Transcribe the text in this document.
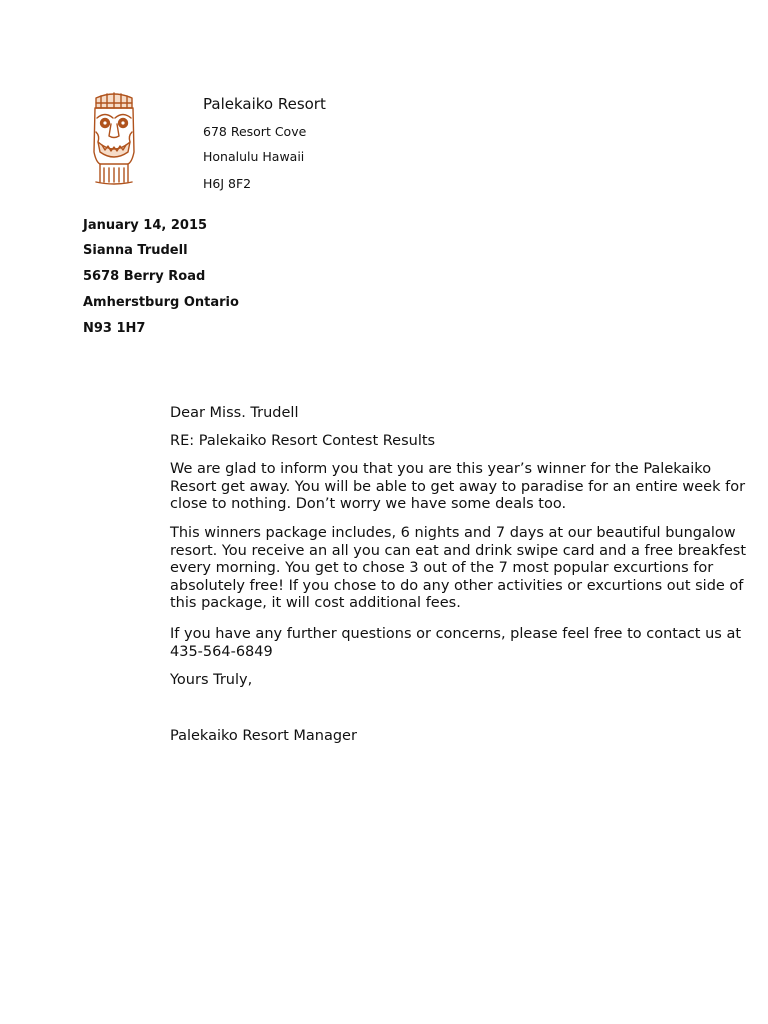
Palekaiko Resort
678 Resort Cove
Honalulu Hawaii
H6J 8F2
January 14, 2015
Sianna Trudell
5678 Berry Road
Amherstburg Ontario
N93 1H7
Dear Miss. Trudell
RE: Palekaiko Resort Contest Results

We are glad to inform you that you are this year’s winner for the Palekaiko Resort get away. You will be able to get away to paradise for an entire week for close to nothing. Don’t worry we have some deals too.

This winners package includes, 6 nights and 7 days at our beautiful bungalow resort. You receive an all you can eat and drink swipe card and a free breakfest every morning. You get to chose 3 out of the 7 most popular excurtions for absolutely free! If you chose to do any other activities or excurtions out side of this package, it will cost additional fees.

If you have any further questions or concerns, please feel free to contact us at 435-564-6849

Yours Truly,
Palekaiko Resort Manager
